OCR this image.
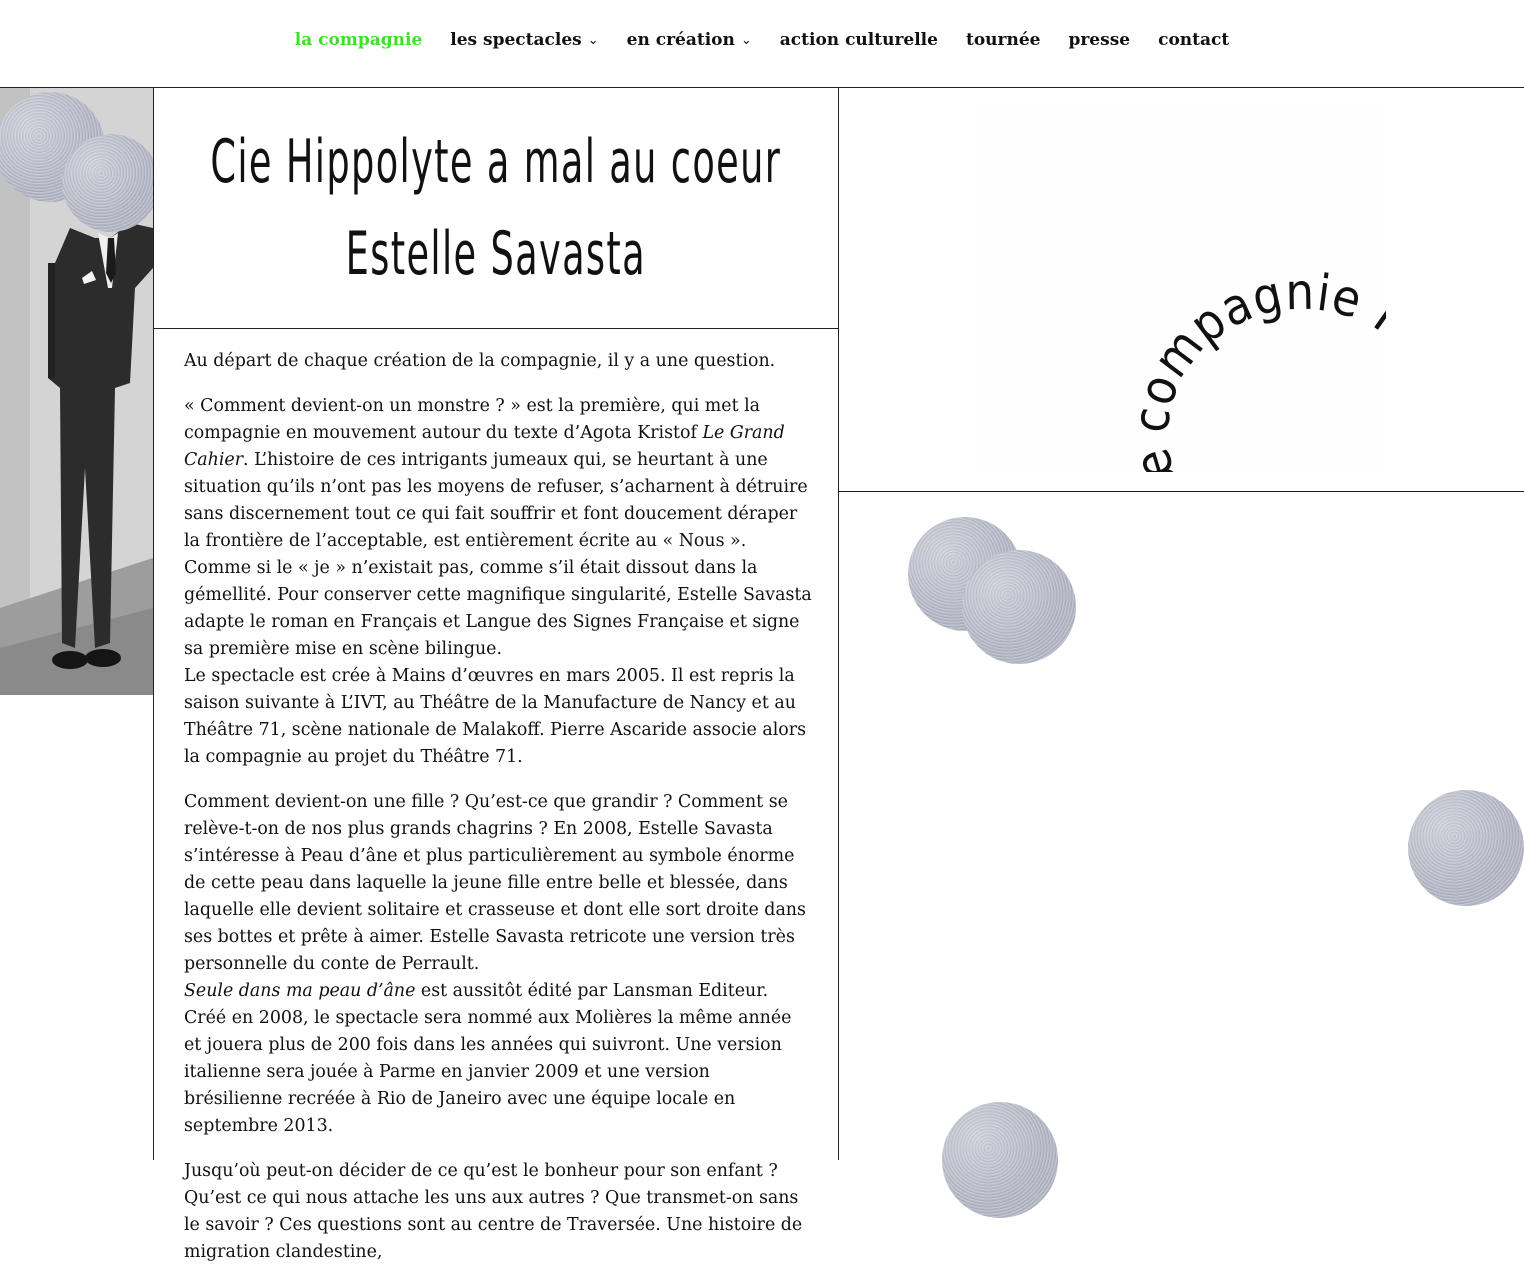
la compagnie	les spectacles ⌄	en création ⌄	action culturelle	tournée	presse	contact
Cie Hippolyte a mal au coeur
Estelle Savasta

Au départ de chaque création de la compagnie, il y a une question.

« Comment devient-on un monstre ? » est la première, qui met la compagnie en mouvement autour du texte d’Agota Kristof Le Grand Cahier. L’histoire de ces intrigants jumeaux qui, se heurtant à une situation qu’ils n’ont pas les moyens de refuser, s’acharnent à détruire sans discernement tout ce qui fait souffrir et font doucement déraper la frontière de l’acceptable, est entièrement écrite au « Nous ». Comme si le « je » n’existait pas, comme s’il était dissout dans la gémellité. Pour conserver cette magnifique singularité, Estelle Savasta adapte le roman en Français et Langue des Signes Française et signe sa première mise en scène bilingue.
Le spectacle est crée à Mains d’œuvres en mars 2005. Il est repris la saison suivante à L’IVT, au Théâtre de la Manufacture de Nancy et au Théâtre 71, scène nationale de Malakoff. Pierre Ascaride associe alors la compagnie au projet du Théâtre 71.

Comment devient-on une fille ? Qu’est-ce que grandir ? Comment se relève-t-on de nos plus grands chagrins ? En 2008, Estelle Savasta s’intéresse à Peau d’âne et plus particulièrement au symbole énorme de cette peau dans laquelle la jeune fille entre belle et blessée, dans laquelle elle devient solitaire et crasseuse et dont elle sort droite dans ses bottes et prête à aimer. Estelle Savasta retricote une version très personnelle du conte de Perrault.
Seule dans ma peau d’âne est aussitôt édité par Lansman Editeur. Créé en 2008, le spectacle sera nommé aux Molières la même année et jouera plus de 200 fois dans les années qui suivront. Une version italienne sera jouée à Parme en janvier 2009 et une version brésilienne recréée à Rio de Janeiro avec une équipe locale en septembre 2013.

Jusqu’où peut-on décider de ce qu’est le bonheur pour son enfant ? Qu’est ce qui nous attache les uns aux autres ? Que transmet-on sans le savoir ? Ces questions sont au centre de Traversée. Une histoire de migration clandestine,

compagnie
